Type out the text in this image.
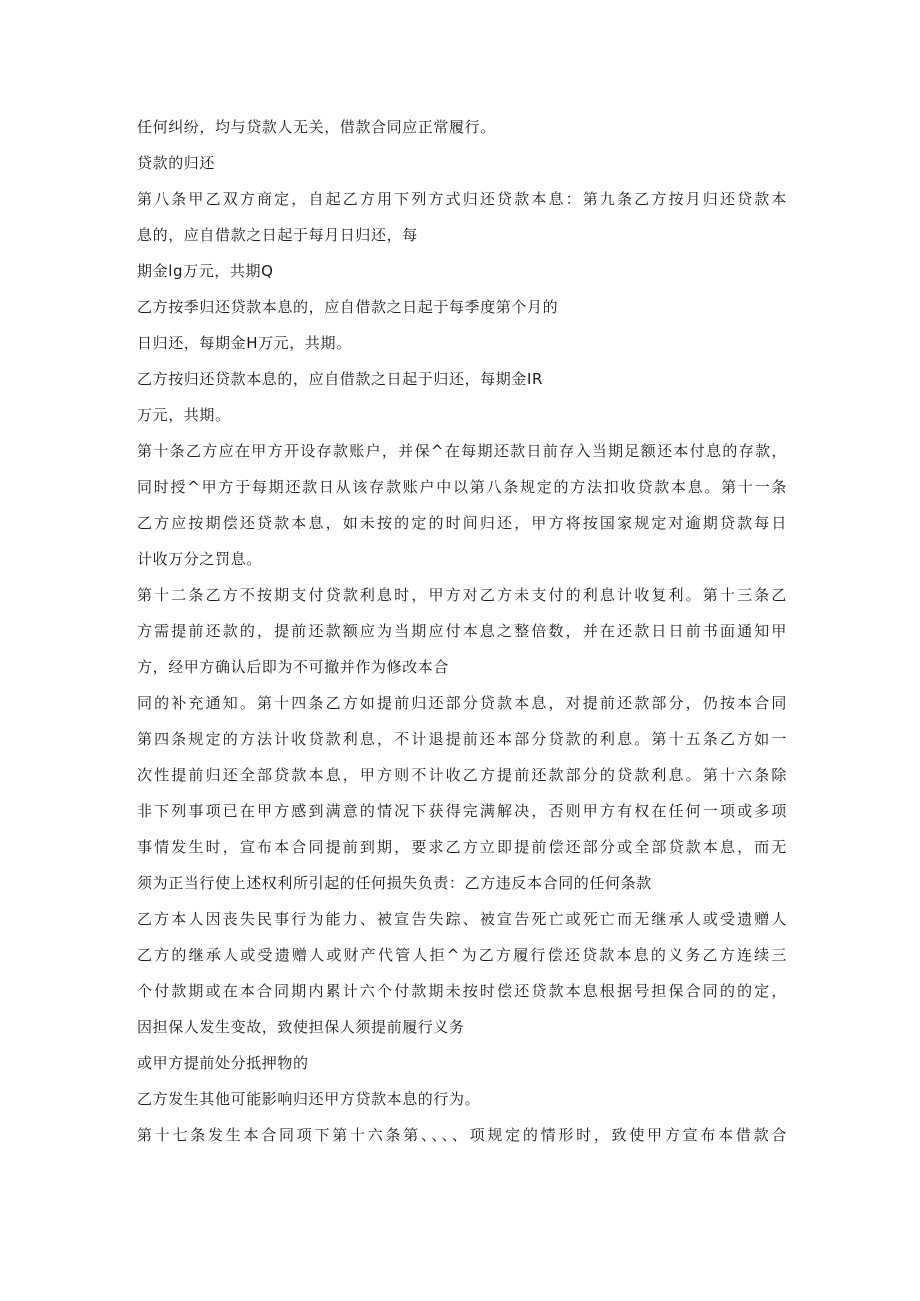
任何纠纷，均与贷款人无关，借款合同应正常履行。
贷款的归还
第八条甲乙双方商定，自起乙方用下列方式归还贷款本息：第九条乙方按月归还贷款本
息的，应自借款之日起于每月日归还，每
期金lg万元，共期Q
乙方按季归还贷款本息的，应自借款之日起于每季度第个月的
日归还，每期金H万元，共期。
乙方按归还贷款本息的，应自借款之日起于归还，每期金IR
万元，共期。
第十条乙方应在甲方开设存款账户，并保^在每期还款日前存入当期足额还本付息的存款，
同时授^甲方于每期还款日从该存款账户中以第八条规定的方法扣收贷款本息。第十一条
乙方应按期偿还贷款本息，如未按的定的时间归还，甲方将按国家规定对逾期贷款每日
计收万分之罚息。
第十二条乙方不按期支付贷款利息时，甲方对乙方未支付的利息计收复利。第十三条乙
方需提前还款的，提前还款额应为当期应付本息之整倍数，并在还款日日前书面通知甲
方，经甲方确认后即为不可撤并作为修改本合
同的补充通知。第十四条乙方如提前归还部分贷款本息，对提前还款部分，仍按本合同
第四条规定的方法计收贷款利息，不计退提前还本部分贷款的利息。第十五条乙方如一
次性提前归还全部贷款本息，甲方则不计收乙方提前还款部分的贷款利息。第十六条除
非下列事项已在甲方感到满意的情况下获得完满解决，否则甲方有权在任何一项或多项
事情发生时，宣布本合同提前到期，要求乙方立即提前偿还部分或全部贷款本息，而无
须为正当行使上述权利所引起的任何损失负责：乙方违反本合同的任何条款
乙方本人因丧失民事行为能力、被宣告失踪、被宣告死亡或死亡而无继承人或受遗赠人
乙方的继承人或受遗赠人或财产代管人拒^为乙方履行偿还贷款本息的义务乙方连续三
个付款期或在本合同期内累计六个付款期未按时偿还贷款本息根据号担保合同的的定，
因担保人发生变故，致使担保人须提前履行义务
或甲方提前处分抵押物的
乙方发生其他可能影响归还甲方贷款本息的行为。
第十七条发生本合同项下第十六条第、、、、项规定的情形时，致使甲方宣布本借款合
